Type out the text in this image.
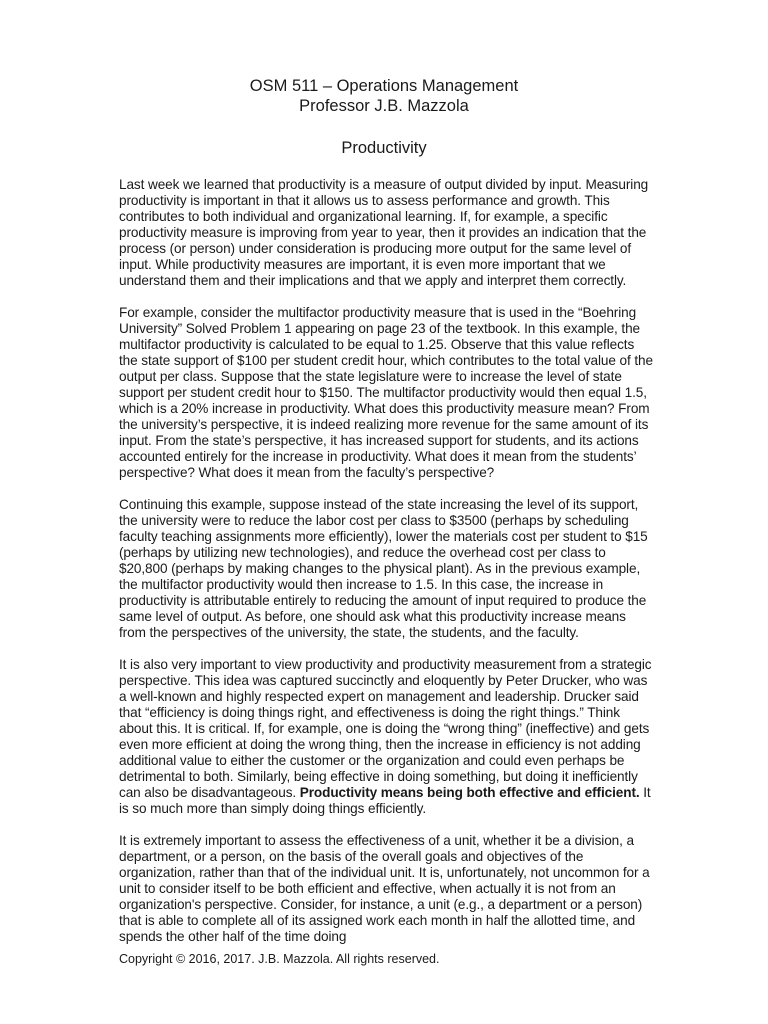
OSM 511 – Operations Management
Professor J.B. Mazzola
Productivity

Last week we learned that productivity is a measure of output divided by input. Measuring productivity is important in that it allows us to assess performance and growth. This contributes to both individual and organizational learning. If, for example, a specific productivity measure is improving from year to year, then it provides an indication that the process (or person) under consideration is producing more output for the same level of input. While productivity measures are important, it is even more important that we understand them and their implications and that we apply and interpret them correctly.

For example, consider the multifactor productivity measure that is used in the “Boehring University” Solved Problem 1 appearing on page 23 of the textbook. In this example, the multifactor productivity is calculated to be equal to 1.25. Observe that this value reflects the state support of $100 per student credit hour, which contributes to the total value of the output per class. Suppose that the state legislature were to increase the level of state support per student credit hour to $150. The multifactor productivity would then equal 1.5, which is a 20% increase in productivity. What does this productivity measure mean? From the university’s perspective, it is indeed realizing more revenue for the same amount of its input. From the state’s perspective, it has increased support for students, and its actions accounted entirely for the increase in productivity. What does it mean from the students’ perspective? What does it mean from the faculty’s perspective?

Continuing this example, suppose instead of the state increasing the level of its support, the university were to reduce the labor cost per class to $3500 (perhaps by scheduling faculty teaching assignments more efficiently), lower the materials cost per student to $15 (perhaps by utilizing new technologies), and reduce the overhead cost per class to $20,800 (perhaps by making changes to the physical plant). As in the previous example, the multifactor productivity would then increase to 1.5. In this case, the increase in productivity is attributable entirely to reducing the amount of input required to produce the same level of output. As before, one should ask what this productivity increase means from the perspectives of the university, the state, the students, and the faculty.

It is also very important to view productivity and productivity measurement from a strategic perspective. This idea was captured succinctly and eloquently by Peter Drucker, who was a well-known and highly respected expert on management and leadership. Drucker said that “efficiency is doing things right, and effectiveness is doing the right things.” Think about this. It is critical. If, for example, one is doing the “wrong thing” (ineffective) and gets even more efficient at doing the wrong thing, then the increase in efficiency is not adding additional value to either the customer or the organization and could even perhaps be detrimental to both. Similarly, being effective in doing something, but doing it inefficiently can also be disadvantageous. Productivity means being both effective and efficient. It is so much more than simply doing things efficiently.

It is extremely important to assess the effectiveness of a unit, whether it be a division, a department, or a person, on the basis of the overall goals and objectives of the organization, rather than that of the individual unit. It is, unfortunately, not uncommon for a unit to consider itself to be both efficient and effective, when actually it is not from an organization's perspective. Consider, for instance, a unit (e.g., a department or a person) that is able to complete all of its assigned work each month in half the allotted time, and spends the other half of the time doing

Copyright © 2016, 2017. J.B. Mazzola. All rights reserved.
